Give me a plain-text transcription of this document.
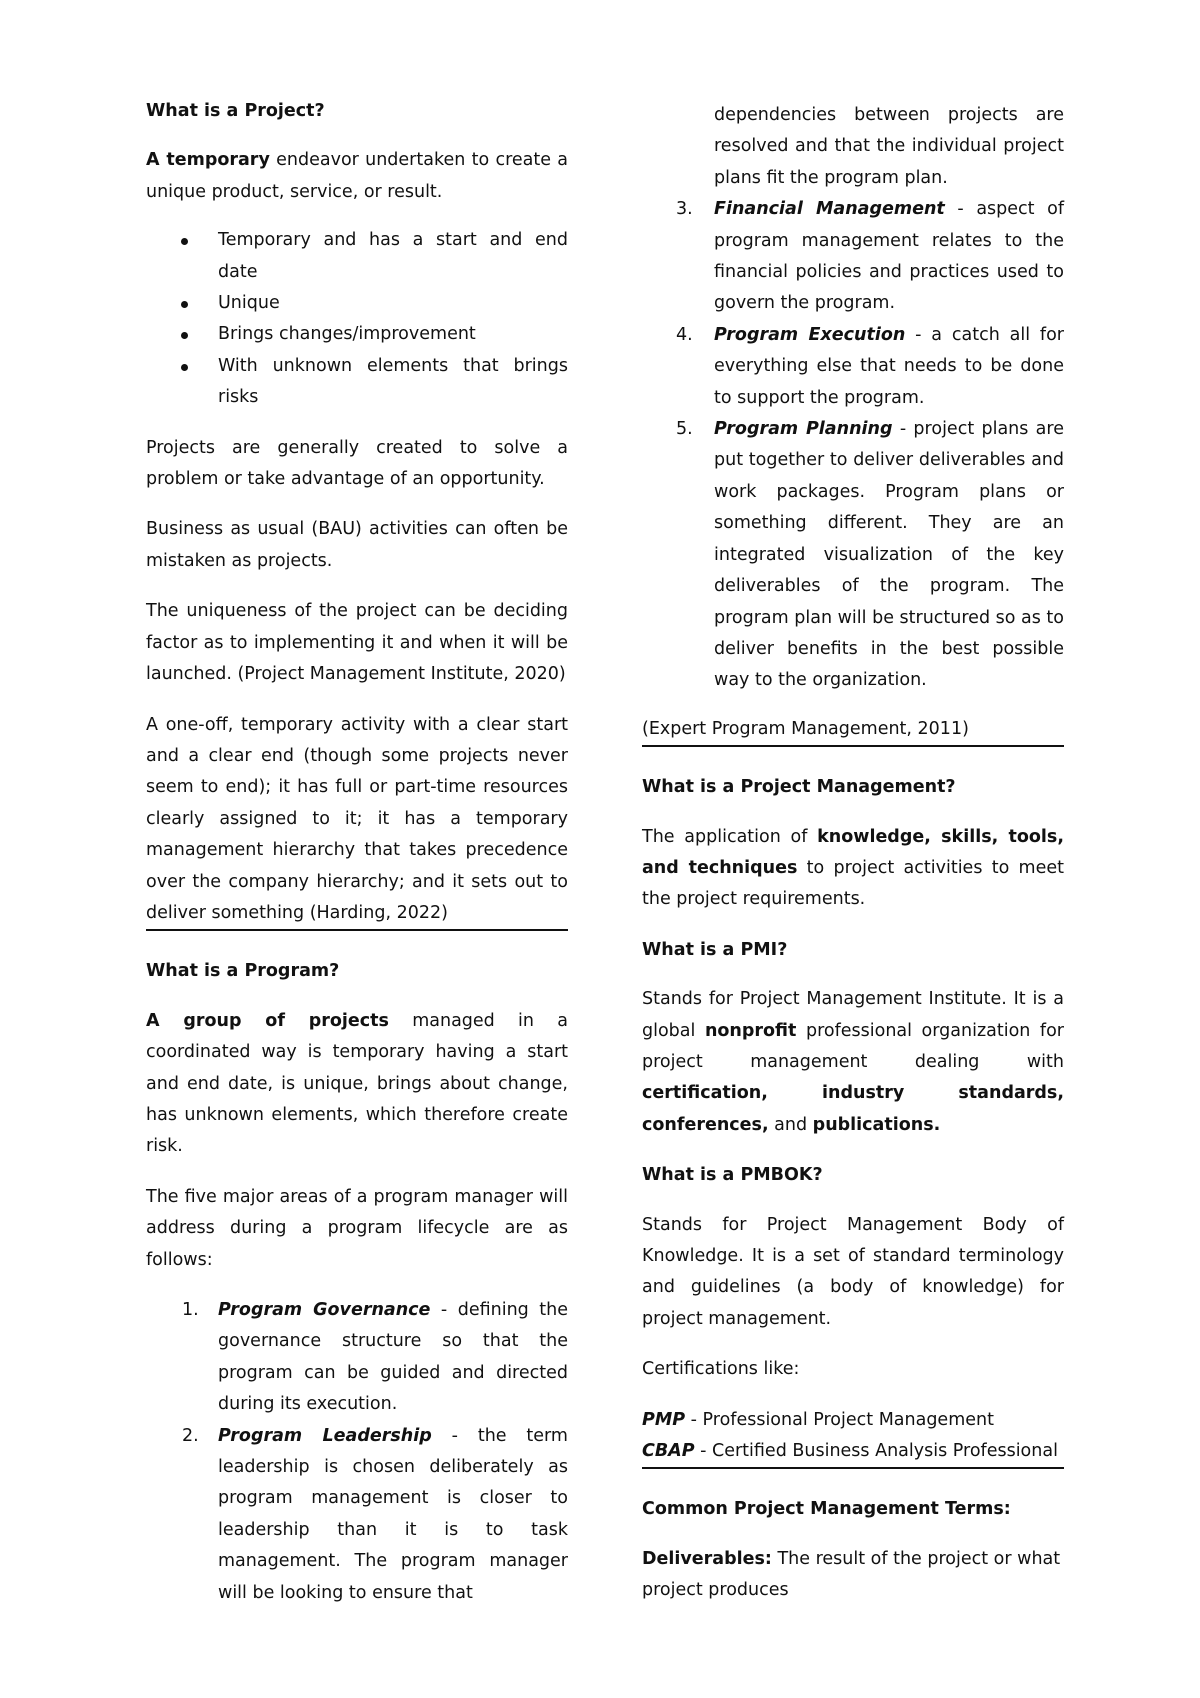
What is a Project?

A temporary endeavor undertaken to create a unique product, service, or result.

Temporary and has a start and end date
Unique
Brings changes/improvement
With unknown elements that brings risks

Projects are generally created to solve a problem or take advantage of an opportunity.

Business as usual (BAU) activities can often be mistaken as projects.

The uniqueness of the project can be deciding factor as to implementing it and when it will be launched. (Project Management Institute, 2020)

A one-off, temporary activity with a clear start and a clear end (though some projects never seem to end); it has full or part-time resources clearly assigned to it; it has a temporary management hierarchy that takes precedence over the company hierarchy; and it sets out to deliver something (Harding, 2022)

What is a Program?

A group of projects managed in a coordinated way is temporary having a start and end date, is unique, brings about change, has unknown elements, which therefore create risk.

The five major areas of a program manager will address during a program lifecycle are as follows:

1. Program Governance - defining the governance structure so that the program can be guided and directed during its execution.
2. Program Leadership - the term leadership is chosen deliberately as program management is closer to leadership than it is to task management. The program manager will be looking to ensure that

dependencies between projects are resolved and that the individual project plans fit the program plan.

3. Financial Management - aspect of program management relates to the financial policies and practices used to govern the program.
4. Program Execution - a catch all for everything else that needs to be done to support the program.
5. Program Planning - project plans are put together to deliver deliverables and work packages. Program plans or something different. They are an integrated visualization of the key deliverables of the program. The program plan will be structured so as to deliver benefits in the best possible way to the organization.

(Expert Program Management, 2011)

What is a Project Management?

The application of knowledge, skills, tools, and techniques to project activities to meet the project requirements.

What is a PMI?

Stands for Project Management Institute. It is a global nonprofit professional organization for project management dealing with certification, industry standards, conferences, and publications.

What is a PMBOK?

Stands for Project Management Body of Knowledge. It is a set of standard terminology and guidelines (a body of knowledge) for project management.

Certifications like:

PMP - Professional Project Management

CBAP - Certified Business Analysis Professional

Common Project Management Terms:

Deliverables: The result of the project or what project produces
